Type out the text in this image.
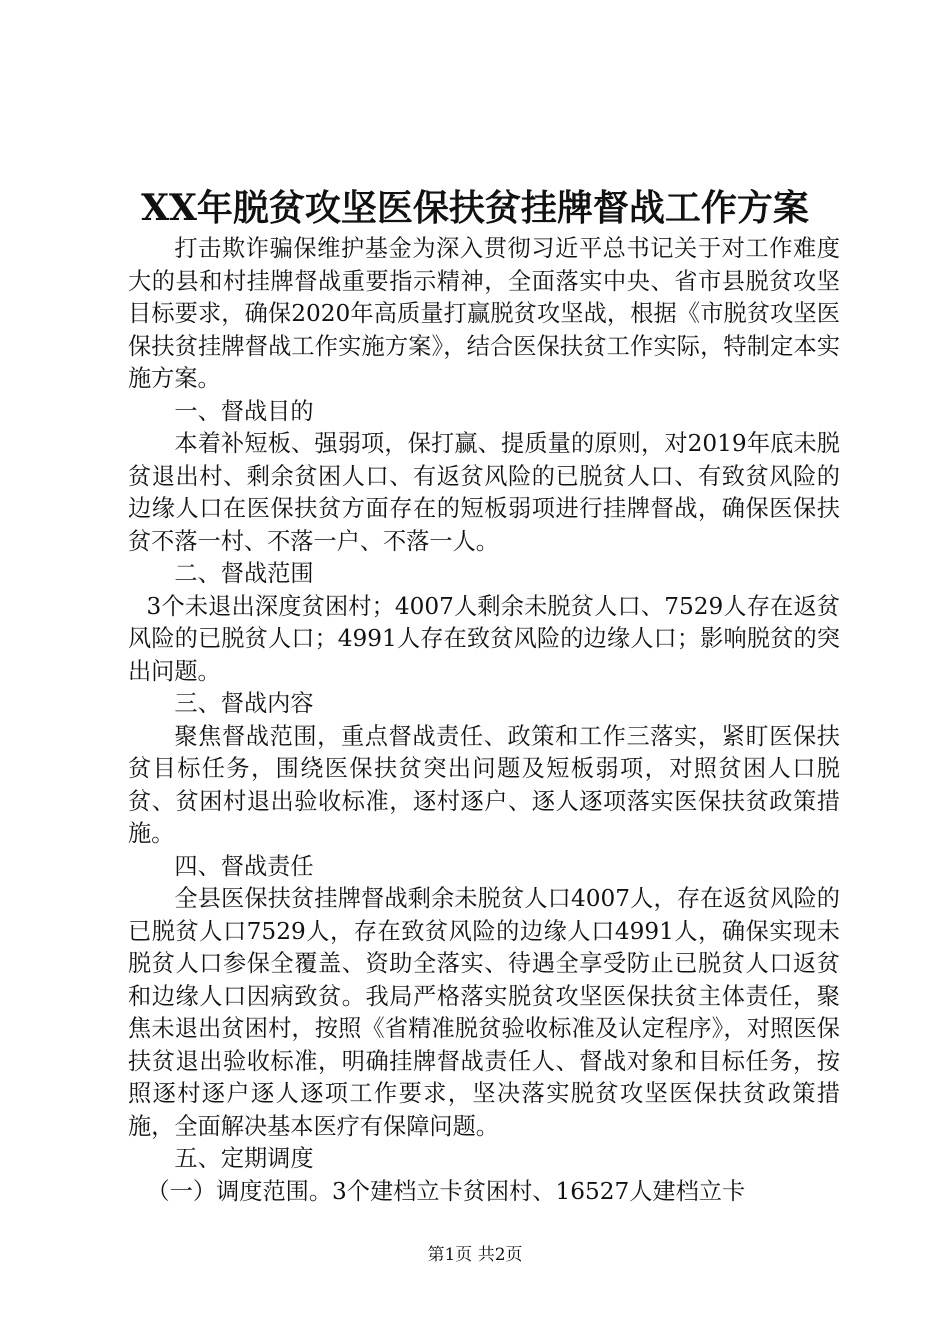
XX年脱贫攻坚医保扶贫挂牌督战工作方案

打击欺诈骗保维护基金为深入贯彻习近平总书记关于对工作难度大的县和村挂牌督战重要指示精神，全面落实中央、省市县脱贫攻坚目标要求，确保2020年高质量打赢脱贫攻坚战，根据《市脱贫攻坚医保扶贫挂牌督战工作实施方案》，结合医保扶贫工作实际，特制定本实施方案。

一、督战目的

本着补短板、强弱项，保打赢、提质量的原则，对2019年底未脱贫退出村、剩余贫困人口、有返贫风险的已脱贫人口、有致贫风险的边缘人口在医保扶贫方面存在的短板弱项进行挂牌督战，确保医保扶贫不落一村、不落一户、不落一人。

二、督战范围

3个未退出深度贫困村；4007人剩余未脱贫人口、7529人存在返贫风险的已脱贫人口；4991人存在致贫风险的边缘人口；影响脱贫的突出问题。

三、督战内容

聚焦督战范围，重点督战责任、政策和工作三落实，紧盯医保扶贫目标任务，围绕医保扶贫突出问题及短板弱项，对照贫困人口脱贫、贫困村退出验收标准，逐村逐户、逐人逐项落实医保扶贫政策措施。

四、督战责任

全县医保扶贫挂牌督战剩余未脱贫人口4007人，存在返贫风险的已脱贫人口7529人，存在致贫风险的边缘人口4991人，确保实现未脱贫人口参保全覆盖、资助全落实、待遇全享受防止已脱贫人口返贫和边缘人口因病致贫。我局严格落实脱贫攻坚医保扶贫主体责任，聚焦未退出贫困村，按照《省精准脱贫验收标准及认定程序》，对照医保扶贫退出验收标准，明确挂牌督战责任人、督战对象和目标任务，按照逐村逐户逐人逐项工作要求，坚决落实脱贫攻坚医保扶贫政策措施，全面解决基本医疗有保障问题。

五、定期调度

（一）调度范围。3个建档立卡贫困村、16527人建档立卡

第1页 共2页
